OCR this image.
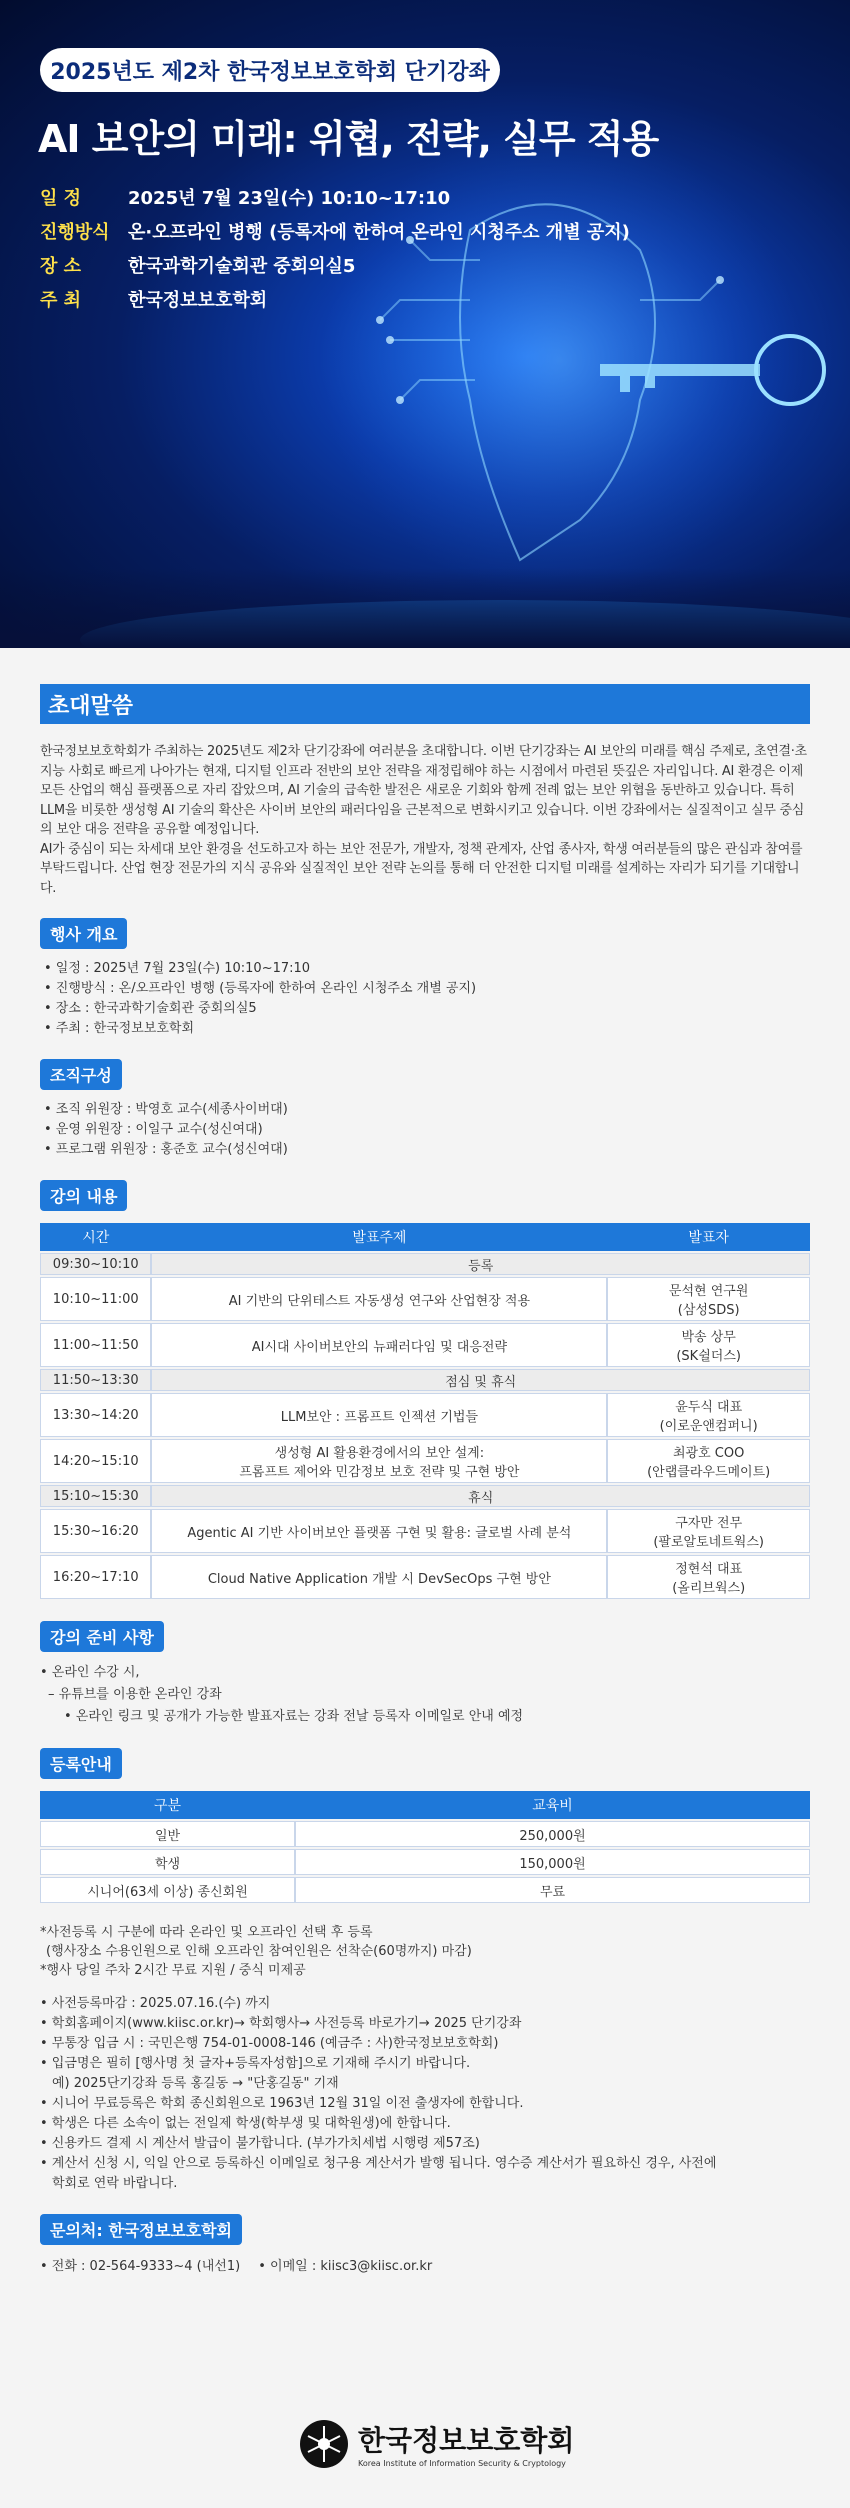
2025년도 제2차 한국정보보호학회 단기강좌
AI 보안의 미래: 위협, 전략, 실무 적용
일 정	2025년 7월 23일(수) 10:10~17:10
진행방식	온·오프라인 병행 (등록자에 한하여 온라인 시청주소 개별 공지)
장 소	한국과학기술회관 중회의실5
주 최	한국정보보호학회
초대말씀

한국정보보호학회가 주최하는 2025년도 제2차 단기강좌에 여러분을 초대합니다. 이번 단기강좌는 AI 보안의 미래를 핵심 주제로, 초연결·초지능 사회로 빠르게 나아가는 현재, 디지털 인프라 전반의 보안 전략을 재정립해야 하는 시점에서 마련된 뜻깊은 자리입니다. AI 환경은 이제 모든 산업의 핵심 플랫폼으로 자리 잡았으며, AI 기술의 급속한 발전은 새로운 기회와 함께 전례 없는 보안 위협을 동반하고 있습니다. 특히 LLM을 비롯한 생성형 AI 기술의 확산은 사이버 보안의 패러다임을 근본적으로 변화시키고 있습니다. 이번 강좌에서는 실질적이고 실무 중심의 보안 대응 전략을 공유할 예정입니다.
AI가 중심이 되는 차세대 보안 환경을 선도하고자 하는 보안 전문가, 개발자, 정책 관계자, 산업 종사자, 학생 여러분들의 많은 관심과 참여를 부탁드립니다. 산업 현장 전문가의 지식 공유와 실질적인 보안 전략 논의를 통해 더 안전한 디지털 미래를 설계하는 자리가 되기를 기대합니다.

행사 개요
• 일정 : 2025년 7월 23일(수) 10:10~17:10
• 진행방식 : 온/오프라인 병행 (등록자에 한하여 온라인 시청주소 개별 공지)
• 장소 : 한국과학기술회관 중회의실5
• 주최 : 한국정보보호학회
조직구성
• 조직 위원장 : 박영호 교수(세종사이버대)
• 운영 위원장 : 이일구 교수(성신여대)
• 프로그램 위원장 : 홍준호 교수(성신여대)
강의 내용
시간	발표주제	발표자
09:30~10:10	등록	
10:10~11:00	AI 기반의 단위테스트 자동생성 연구와 산업현장 적용	문석현 연구원
(삼성SDS)
11:00~11:50	AI시대 사이버보안의 뉴패러다임 및 대응전략	박송 상무
(SK쉴더스)
11:50~13:30	점심 및 휴식	
13:30~14:20	LLM보안 : 프롬프트 인젝션 기법들	윤두식 대표
(이로운앤컴퍼니)
14:20~15:10	생성형 AI 활용환경에서의 보안 설계:
프롬프트 제어와 민감정보 보호 전략 및 구현 방안	최광호 COO
(안랩클라우드메이트)
15:10~15:30	휴식	
15:30~16:20	Agentic AI 기반 사이버보안 플랫폼 구현 및 활용: 글로벌 사례 분석	구자만 전무
(팔로알토네트웍스)
16:20~17:10	Cloud Native Application 개발 시 DevSecOps 구현 방안	정현석 대표
(올리브웍스)
강의 준비 사항
• 온라인 수강 시,
– 유튜브를 이용한 온라인 강좌
• 온라인 링크 및 공개가 가능한 발표자료는 강좌 전날 등록자 이메일로 안내 예정
등록안내
구분	교육비
일반	250,000원
학생	150,000원
시니어(63세 이상) 종신회원	무료
*사전등록 시 구분에 따라 온라인 및 오프라인 선택 후 등록
(행사장소 수용인원으로 인해 오프라인 참여인원은 선착순(60명까지) 마감)
*행사 당일 주차 2시간 무료 지원 / 중식 미제공
• 사전등록마감 : 2025.07.16.(수) 까지
• 학회홈페이지(www.kiisc.or.kr)→ 학회행사→ 사전등록 바로가기→ 2025 단기강좌
• 무통장 입금 시 : 국민은행 754-01-0008-146 (예금주 : 사)한국정보보호학회)
• 입금명은 필히 [행사명 첫 글자+등록자성함]으로 기재해 주시기 바랍니다.
예) 2025단기강좌 등록 홍길동 → "단홍길동" 기재
• 시니어 무료등록은 학회 종신회원으로 1963년 12월 31일 이전 출생자에 한합니다.
• 학생은 다른 소속이 없는 전일제 학생(학부생 및 대학원생)에 한합니다.
• 신용카드 결제 시 계산서 발급이 불가합니다. (부가가치세법 시행령 제57조)
• 계산서 신청 시, 익일 안으로 등록하신 이메일로 청구용 계산서가 발행 됩니다. 영수증 계산서가 필요하신 경우, 사전에
학회로 연락 바랍니다.
문의처: 한국정보보호학회
• 전화 : 02-564-9333~4 (내선1) • 이메일 : kiisc3@kiisc.or.kr
한국정보보호학회
Korea Institute of Information Security & Cryptology
